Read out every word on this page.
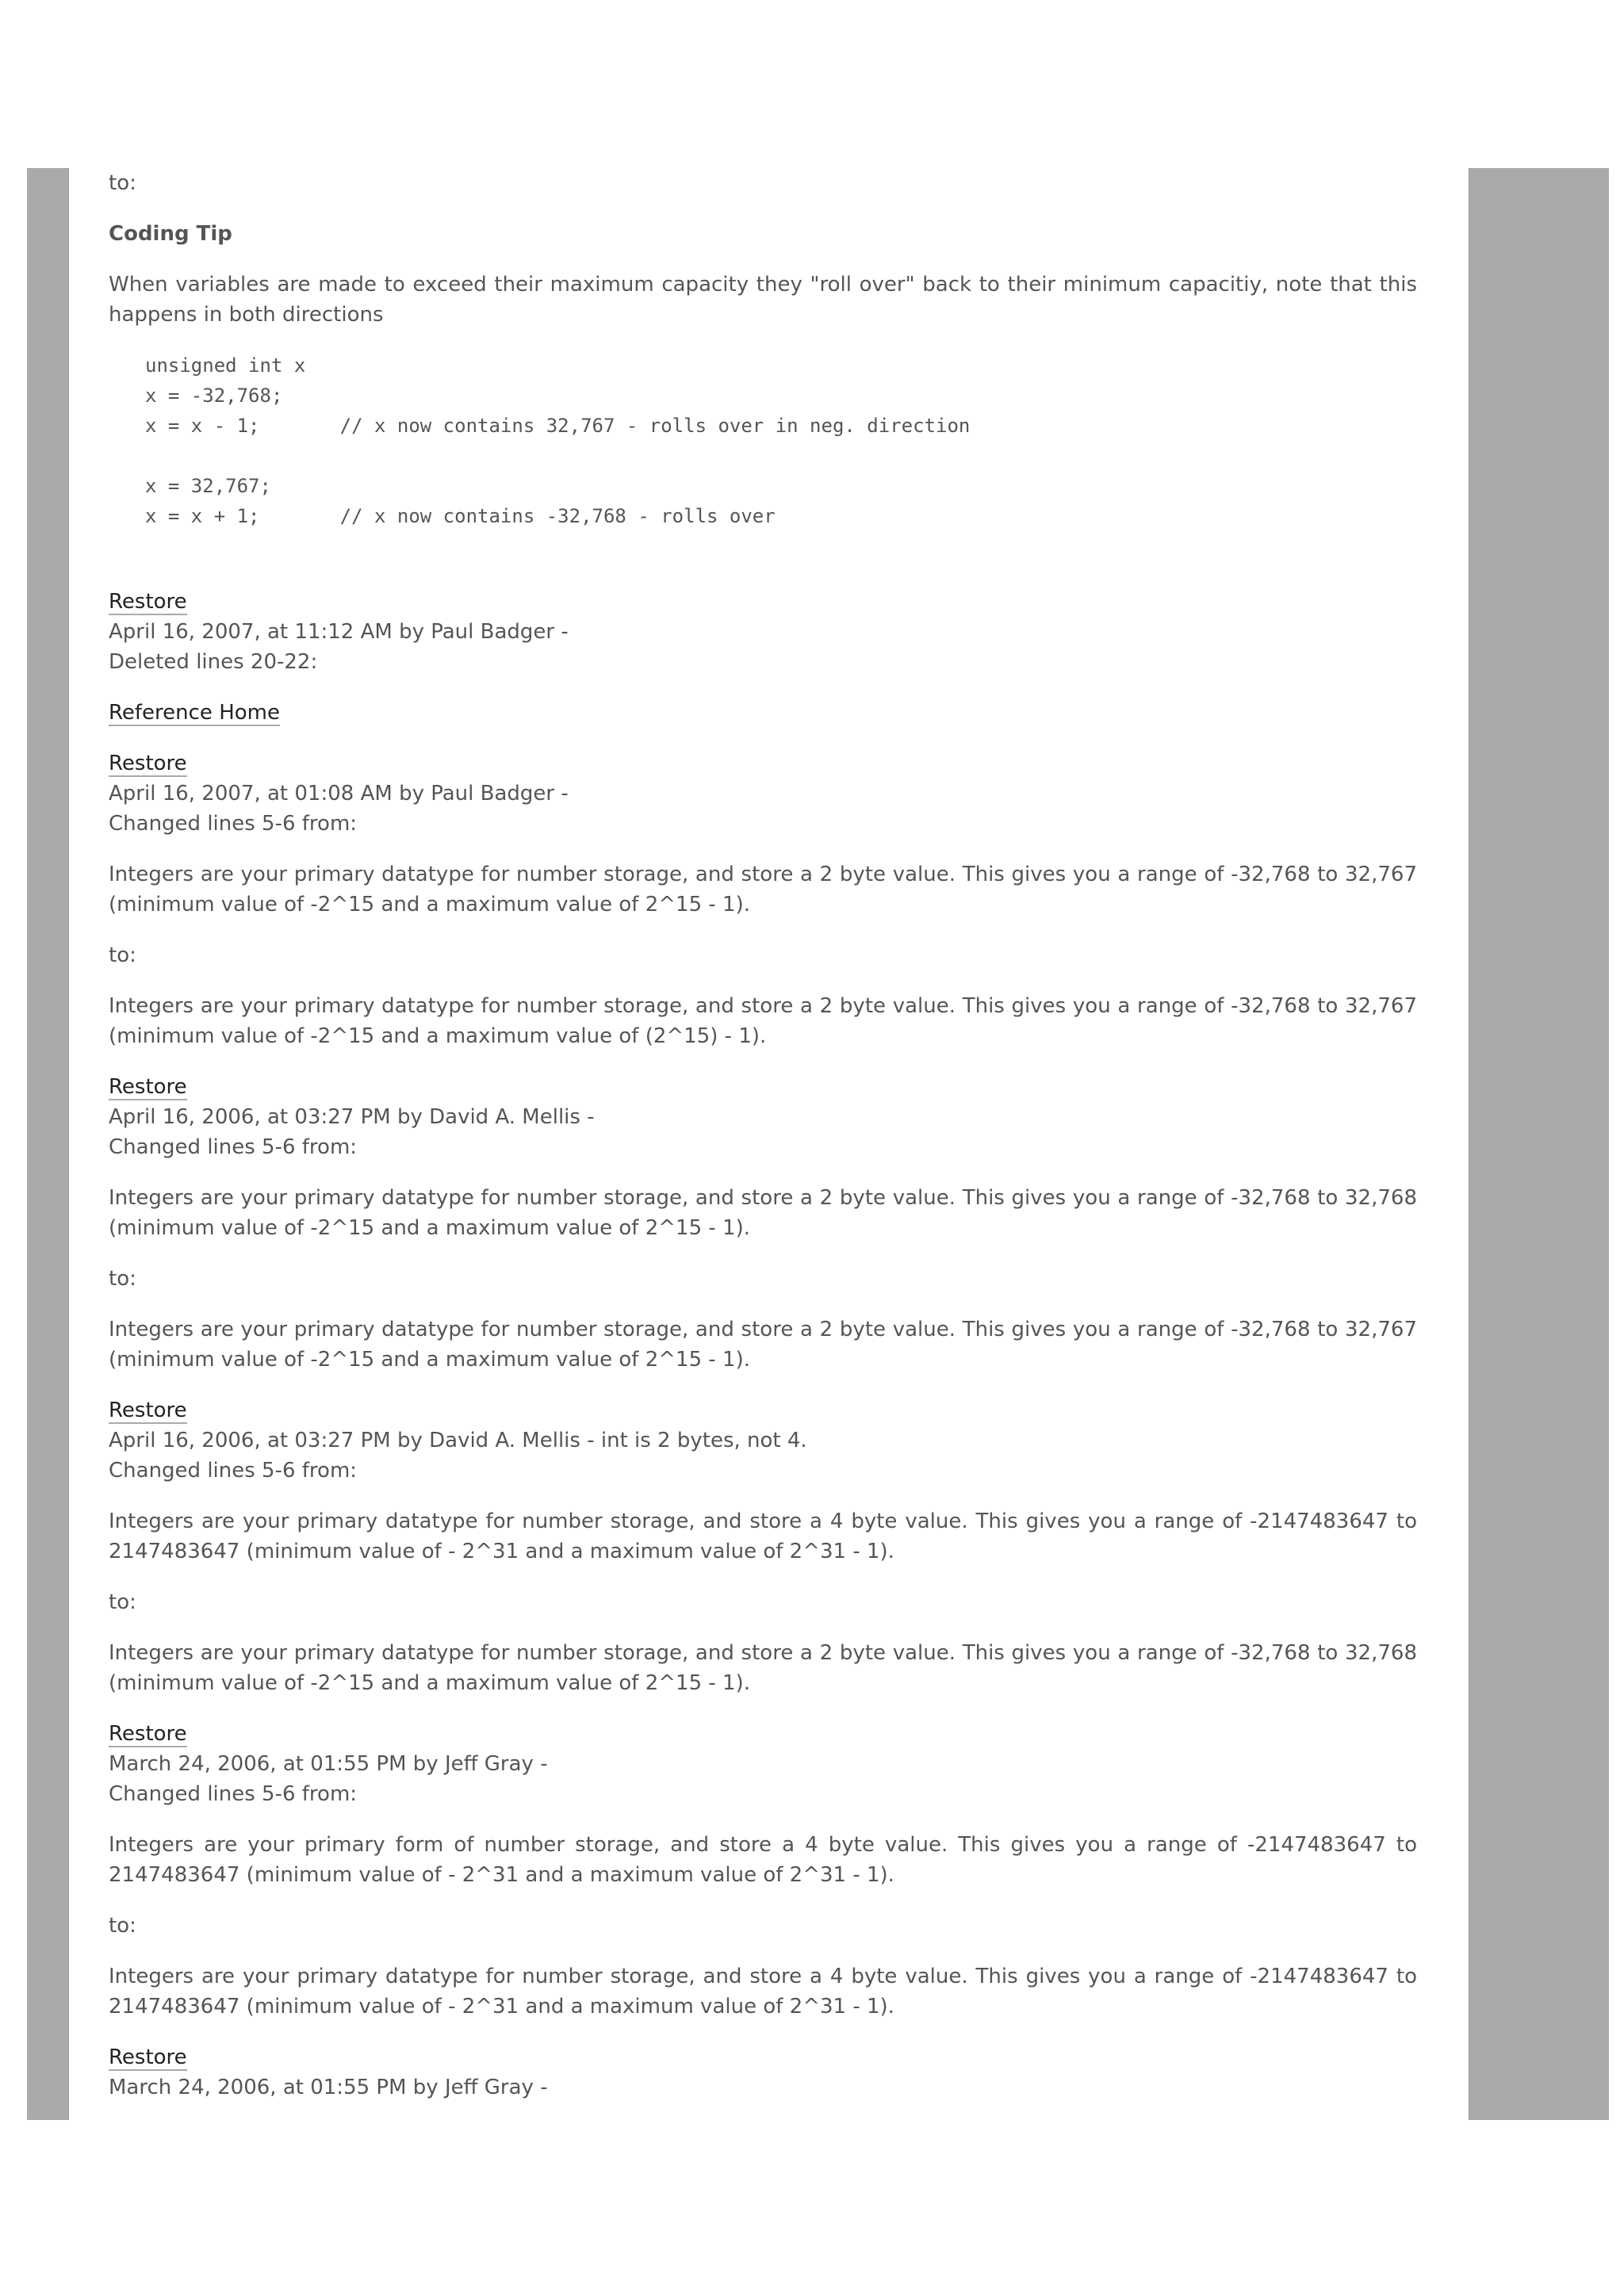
to:

Coding Tip

When variables are made to exceed their maximum capacity they "roll over" back to their minimum capacitiy, note that this happens in both directions

unsigned int x
x = -32,768;
x = x - 1;       // x now contains 32,767 - rolls over in neg. direction
x = 32,767;
x = x + 1;       // x now contains -32,768 - rolls over
Restore
April 16, 2007, at 11:12 AM by Paul Badger -
Deleted lines 20-22:

Reference Home

Restore
April 16, 2007, at 01:08 AM by Paul Badger -
Changed lines 5-6 from:

Integers are your primary datatype for number storage, and store a 2 byte value. This gives you a range of -32,768 to 32,767 (minimum value of -2^15 and a maximum value of 2^15 - 1).

to:

Integers are your primary datatype for number storage, and store a 2 byte value. This gives you a range of -32,768 to 32,767 (minimum value of -2^15 and a maximum value of (2^15) - 1).

Restore
April 16, 2006, at 03:27 PM by David A. Mellis -
Changed lines 5-6 from:

Integers are your primary datatype for number storage, and store a 2 byte value. This gives you a range of -32,768 to 32,768 (minimum value of -2^15 and a maximum value of 2^15 - 1).

to:

Integers are your primary datatype for number storage, and store a 2 byte value. This gives you a range of -32,768 to 32,767 (minimum value of -2^15 and a maximum value of 2^15 - 1).

Restore
April 16, 2006, at 03:27 PM by David A. Mellis - int is 2 bytes, not 4.
Changed lines 5-6 from:

Integers are your primary datatype for number storage, and store a 4 byte value. This gives you a range of -2147483647 to 2147483647 (minimum value of - 2^31 and a maximum value of 2^31 - 1).

to:

Integers are your primary datatype for number storage, and store a 2 byte value. This gives you a range of -32,768 to 32,768 (minimum value of -2^15 and a maximum value of 2^15 - 1).

Restore
March 24, 2006, at 01:55 PM by Jeff Gray -
Changed lines 5-6 from:

Integers are your primary form of number storage, and store a 4 byte value. This gives you a range of -2147483647 to 2147483647 (minimum value of - 2^31 and a maximum value of 2^31 - 1).

to:

Integers are your primary datatype for number storage, and store a 4 byte value. This gives you a range of -2147483647 to 2147483647 (minimum value of - 2^31 and a maximum value of 2^31 - 1).

Restore
March 24, 2006, at 01:55 PM by Jeff Gray -
